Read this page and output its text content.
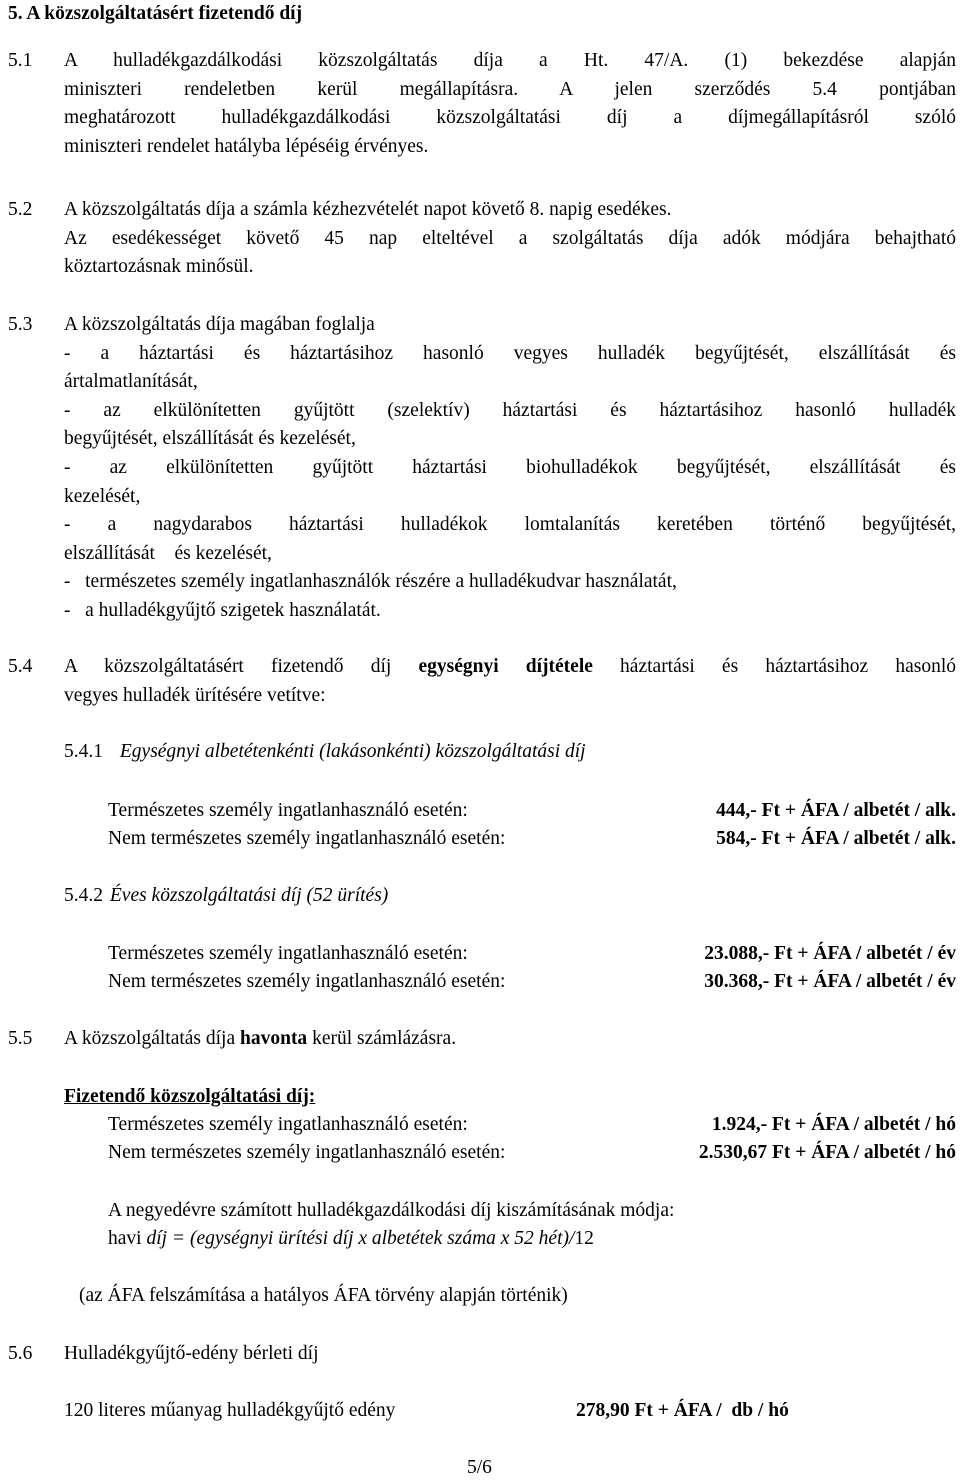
5. A közszolgáltatásért fizetendő díj
5.1 A hulladékgazdálkodási közszolgáltatás díja a Ht. 47/A. (1) bekezdése alapján
miniszteri rendeletben kerül megállapításra. A jelen szerződés 5.4 pontjában
meghatározott hulladékgazdálkodási közszolgáltatási díj a díjmegállapításról szóló
miniszteri rendelet hatályba lépéséig érvényes.
5.2 A közszolgáltatás díja a számla kézhezvételét napot követő 8. napig esedékes.
Az esedékességet követő 45 nap elteltével a szolgáltatás díja adók módjára behajtható
köztartozásnak minősül.
5.3 A közszolgáltatás díja magában foglalja
- a háztartási és háztartásihoz hasonló vegyes hulladék begyűjtését, elszállítását és
ártalmatlanítását,
- az elkülönítetten gyűjtött (szelektív) háztartási és háztartásihoz hasonló hulladék
begyűjtését, elszállítását és kezelését,
- az elkülönítetten gyűjtött háztartási biohulladékok begyűjtését, elszállítását és
kezelését,
- a nagydarabos háztartási hulladékok lomtalanítás keretében történő begyűjtését,
elszállítását    és kezelését,
-   természetes személy ingatlanhasználók részére a hulladékudvar használatát,
-   a hulladékgyűjtő szigetek használatát.
5.4 A közszolgáltatásért fizetendő díj egységnyi díjtétele háztartási és háztartásihoz hasonló
vegyes hulladék ürítésére vetítve:
5.4.1 Egységnyi albetétenkénti (lakásonkénti) közszolgáltatási díj
Természetes személy ingatlanhasználó esetén:	444,- Ft + ÁFA / albetét / alk.
Nem természetes személy ingatlanhasználó esetén:	584,- Ft + ÁFA / albetét / alk.
5.4.2 Éves közszolgáltatási díj (52 ürítés)
Természetes személy ingatlanhasználó esetén:	23.088,- Ft + ÁFA / albetét / év
Nem természetes személy ingatlanhasználó esetén:	30.368,- Ft + ÁFA / albetét / év
5.5 A közszolgáltatás díja havonta kerül számlázásra.
Fizetendő közszolgáltatási díj:
Természetes személy ingatlanhasználó esetén:	1.924,- Ft + ÁFA / albetét / hó
Nem természetes személy ingatlanhasználó esetén:	2.530,67 Ft + ÁFA / albetét / hó
A negyedévre számított hulladékgazdálkodási díj kiszámításának módja:
havi díj = (egységnyi ürítési díj x albetétek száma x 52 hét)/12
(az ÁFA felszámítása a hatályos ÁFA törvény alapján történik)
5.6 Hulladékgyűjtő-edény bérleti díj
120 literes műanyag hulladékgyűjtő edény	278,90 Ft + ÁFA /  db / hó
5/6
